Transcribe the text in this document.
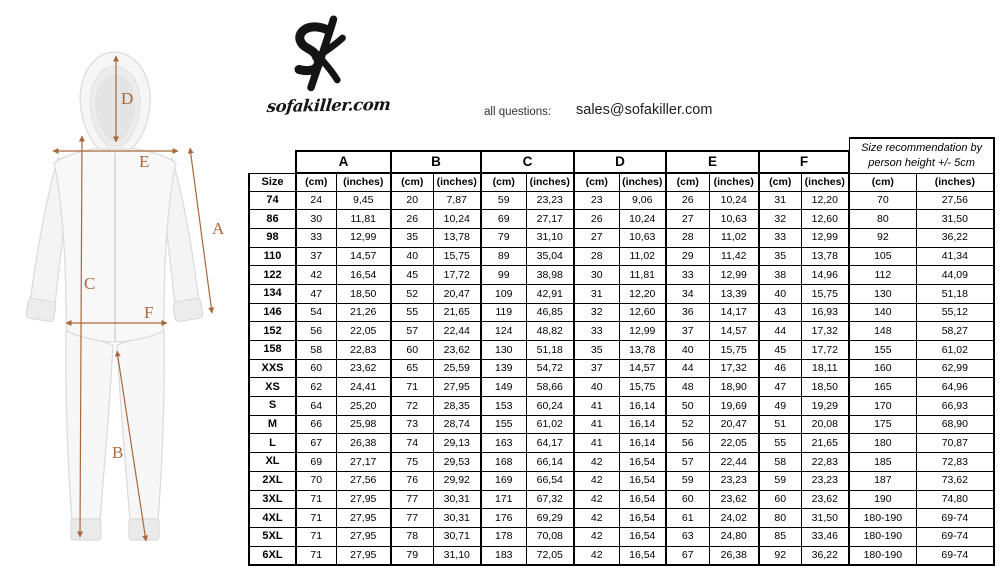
A
B
C
D
E
F
sofakiller.com	all questions: sales@sofakiller.com
													Size recommendation by person height +/- 5cm	
	A		B		C		D		E		F			
Size	(cm)	(inches)	(cm)	(inches)	(cm)	(inches)	(cm)	(inches)	(cm)	(inches)	(cm)	(inches)	(cm)	(inches)
74	24	9,45	20	7,87	59	23,23	23	9,06	26	10,24	31	12,20	70	27,56
86	30	11,81	26	10,24	69	27,17	26	10,24	27	10,63	32	12,60	80	31,50
98	33	12,99	35	13,78	79	31,10	27	10,63	28	11,02	33	12,99	92	36,22
110	37	14,57	40	15,75	89	35,04	28	11,02	29	11,42	35	13,78	105	41,34
122	42	16,54	45	17,72	99	38,98	30	11,81	33	12,99	38	14,96	112	44,09
134	47	18,50	52	20,47	109	42,91	31	12,20	34	13,39	40	15,75	130	51,18
146	54	21,26	55	21,65	119	46,85	32	12,60	36	14,17	43	16,93	140	55,12
152	56	22,05	57	22,44	124	48,82	33	12,99	37	14,57	44	17,32	148	58,27
158	58	22,83	60	23,62	130	51,18	35	13,78	40	15,75	45	17,72	155	61,02
XXS	60	23,62	65	25,59	139	54,72	37	14,57	44	17,32	46	18,11	160	62,99
XS	62	24,41	71	27,95	149	58,66	40	15,75	48	18,90	47	18,50	165	64,96
S	64	25,20	72	28,35	153	60,24	41	16,14	50	19,69	49	19,29	170	66,93
M	66	25,98	73	28,74	155	61,02	41	16,14	52	20,47	51	20,08	175	68,90
L	67	26,38	74	29,13	163	64,17	41	16,14	56	22,05	55	21,65	180	70,87
XL	69	27,17	75	29,53	168	66,14	42	16,54	57	22,44	58	22,83	185	72,83
2XL	70	27,56	76	29,92	169	66,54	42	16,54	59	23,23	59	23,23	187	73,62
3XL	71	27,95	77	30,31	171	67,32	42	16,54	60	23,62	60	23,62	190	74,80
4XL	71	27,95	77	30,31	176	69,29	42	16,54	61	24,02	80	31,50	180-190	69-74
5XL	71	27,95	78	30,71	178	70,08	42	16,54	63	24,80	85	33,46	180-190	69-74
6XL	71	27,95	79	31,10	183	72,05	42	16,54	67	26,38	92	36,22	180-190	69-74
